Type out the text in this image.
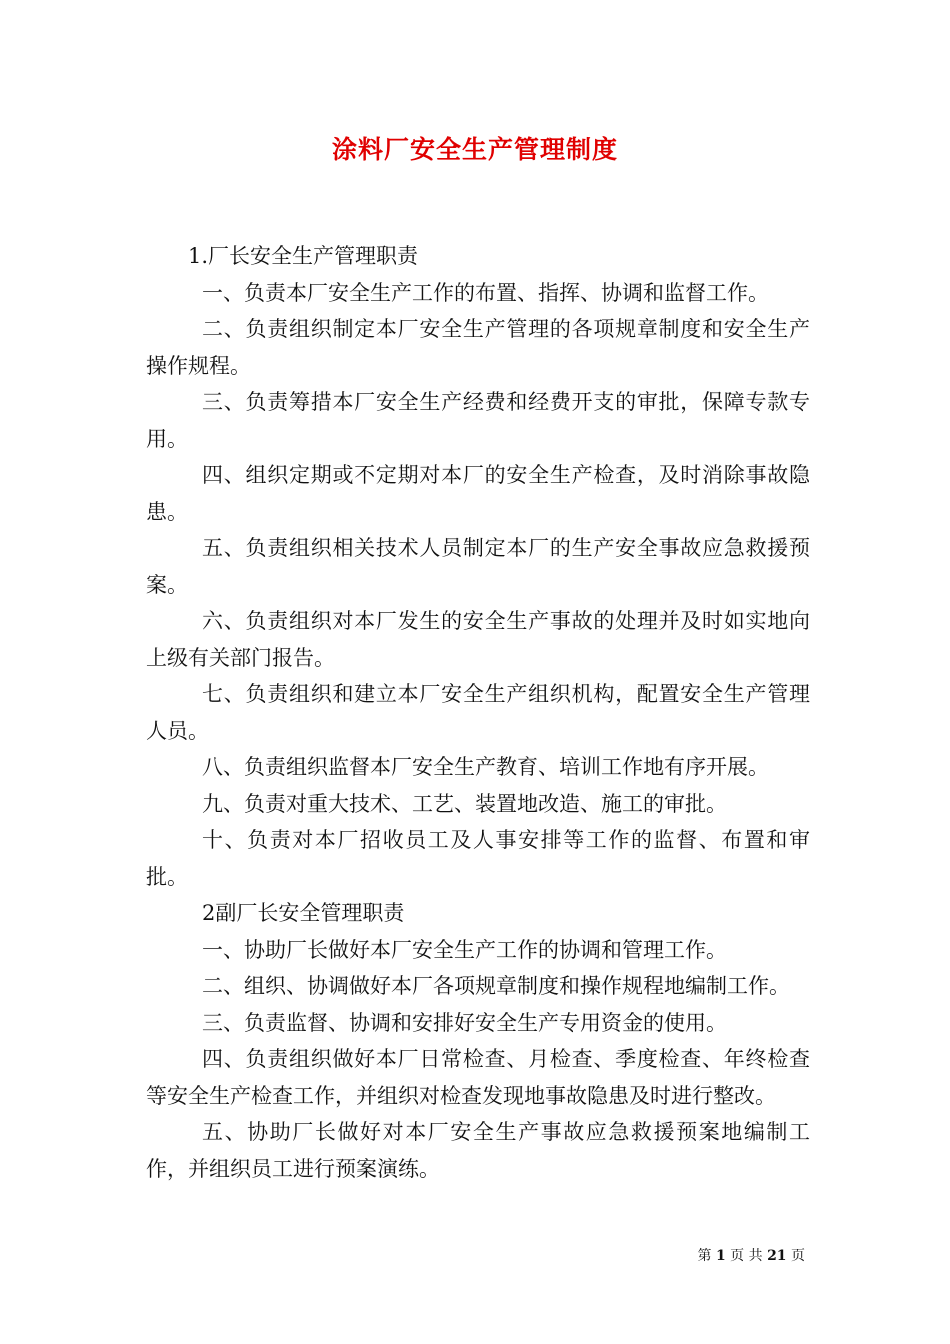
涂料厂安全生产管理制度

1.厂长安全生产管理职责

一、负责本厂安全生产工作的布置、指挥、协调和监督工作。

二、负责组织制定本厂安全生产管理的各项规章制度和安全生产操作规程。

三、负责筹措本厂安全生产经费和经费开支的审批，保障专款专用。

四、组织定期或不定期对本厂的安全生产检查，及时消除事故隐患。

五、负责组织相关技术人员制定本厂的生产安全事故应急救援预案。

六、负责组织对本厂发生的安全生产事故的处理并及时如实地向上级有关部门报告。

七、负责组织和建立本厂安全生产组织机构，配置安全生产管理人员。

八、负责组织监督本厂安全生产教育、培训工作地有序开展。

九、负责对重大技术、工艺、装置地改造、施工的审批。

十、负责对本厂招收员工及人事安排等工作的监督、布置和审批。

2副厂长安全管理职责

一、协助厂长做好本厂安全生产工作的协调和管理工作。

二、组织、协调做好本厂各项规章制度和操作规程地编制工作。

三、负责监督、协调和安排好安全生产专用资金的使用。

四、负责组织做好本厂日常检查、月检查、季度检查、年终检查等安全生产检查工作，并组织对检查发现地事故隐患及时进行整改。

五、协助厂长做好对本厂安全生产事故应急救援预案地编制工作，并组织员工进行预案演练。

第 1 页 共 21 页
